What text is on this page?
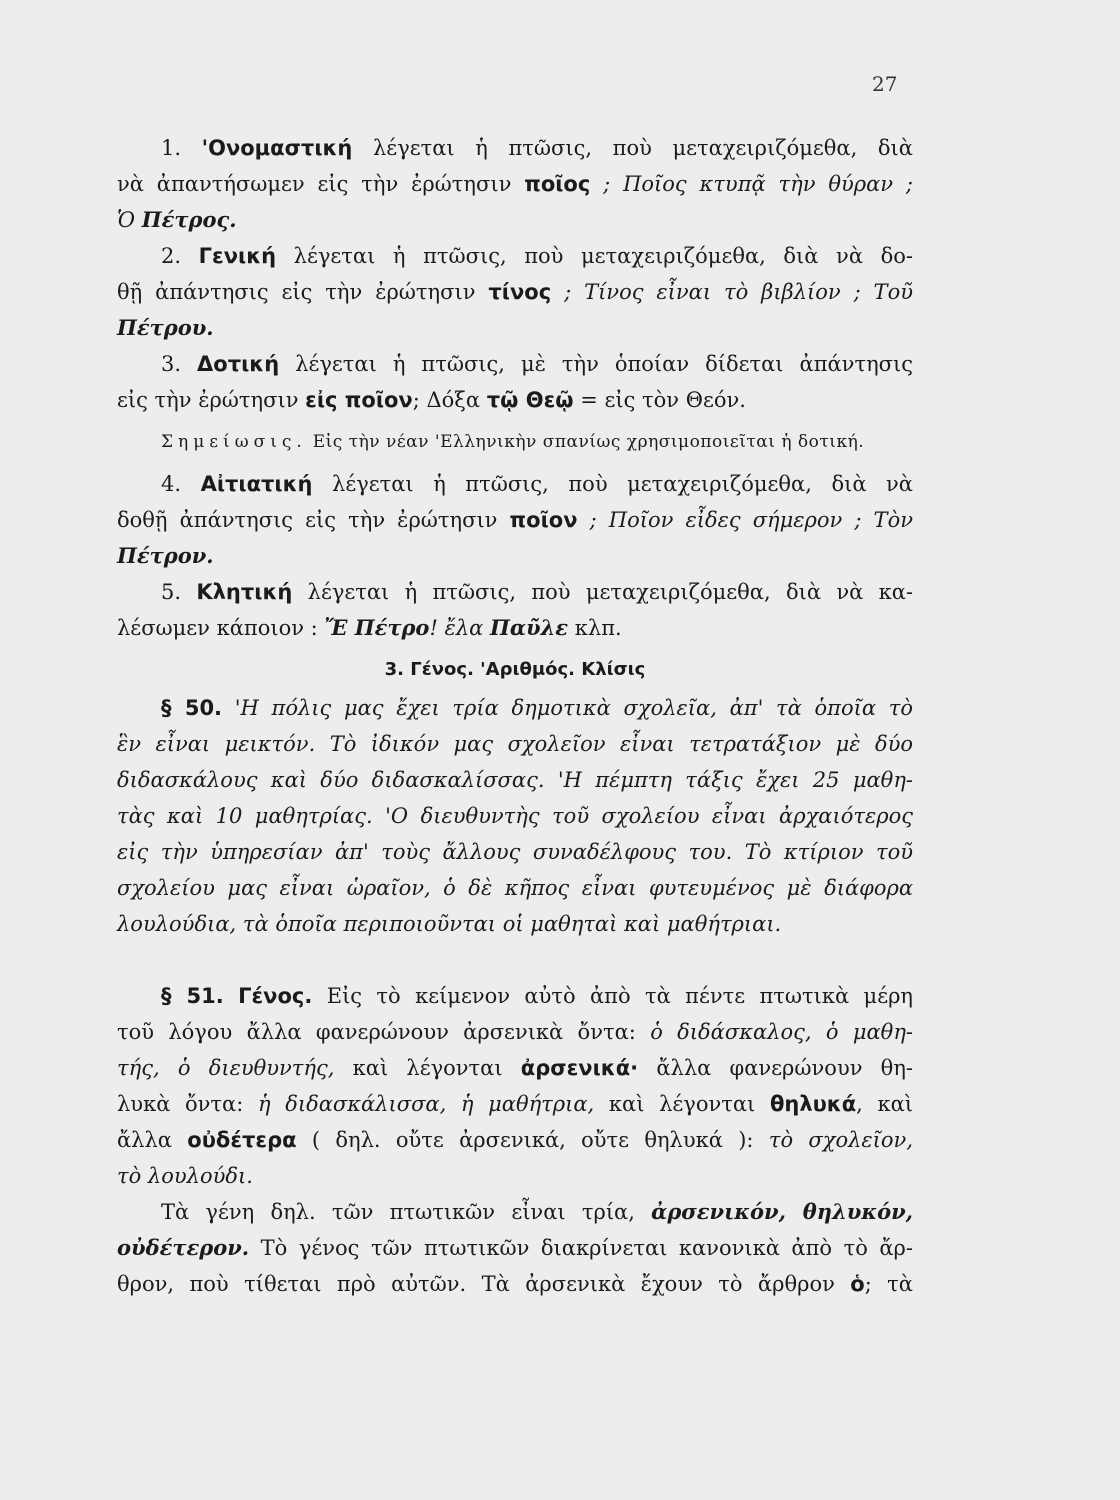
27
1. 'Ονομαστική λέγεται ἡ πτῶσις, ποὺ μεταχειριζόμεθα, διὰ
νὰ ἀπαντήσωμεν εἰς τὴν ἐρώτησιν ποῖος ; Ποῖος κτυπᾷ τὴν θύραν ;
Ὁ Πέτρος.
2. Γενική λέγεται ἡ πτῶσις, ποὺ μεταχειριζόμεθα, διὰ νὰ δο-
θῇ ἀπάντησις εἰς τὴν ἐρώτησιν τίνος ; Τίνος εἶναι τὸ βιβλίον ; Τοῦ
Πέτρου.
3. Δοτική λέγεται ἡ πτῶσις, μὲ τὴν ὁποίαν δίδεται ἀπάντησις
εἰς τὴν ἐρώτησιν εἰς ποῖον; Δόξα τῷ Θεῷ = εἰς τὸν Θεόν.
Σημείωσις. Εἰς τὴν νέαν 'Ελληνικὴν σπανίως χρησιμοποιεῖται ἡ δοτική.
4. Αἰτιατική λέγεται ἡ πτῶσις, ποὺ μεταχειριζόμεθα, διὰ νὰ
δοθῇ ἀπάντησις εἰς τὴν ἐρώτησιν ποῖον ; Ποῖον εἶδες σήμερον ; Τὸν
Πέτρον.
5. Κλητική λέγεται ἡ πτῶσις, ποὺ μεταχειριζόμεθα, διὰ νὰ κα-
λέσωμεν κάποιον : Ἔ Πέτρο! ἔλα Παῦλε κλπ.
3. Γένος. 'Αριθμός. Κλίσις
§ 50. 'Η πόλις μας ἔχει τρία δημοτικὰ σχολεῖα, ἀπ' τὰ ὁποῖα τὸ
ἓν εἶναι μεικτόν. Τὸ ἰδικόν μας σχολεῖον εἶναι τετρατάξιον μὲ δύο
διδασκάλους καὶ δύο διδασκαλίσσας. 'Η πέμπτη τάξις ἔχει 25 μαθη-
τὰς καὶ 10 μαθητρίας. 'Ο διευθυντὴς τοῦ σχολείου εἶναι ἀρχαιότερος
εἰς τὴν ὑπηρεσίαν ἀπ' τοὺς ἄλλους συναδέλφους του. Τὸ κτίριον τοῦ
σχολείου μας εἶναι ὡραῖον, ὁ δὲ κῆπος εἶναι φυτευμένος μὲ διάφορα
λουλούδια, τὰ ὁποῖα περιποιοῦνται οἱ μαθηταὶ καὶ μαθήτριαι.
§ 51. Γένος. Εἰς τὸ κείμενον αὐτὸ ἀπὸ τὰ πέντε πτωτικὰ μέρη
τοῦ λόγου ἄλλα φανερώνουν ἀρσενικὰ ὄντα: ὁ διδάσκαλος, ὁ μαθη-
τής, ὁ διευθυντής, καὶ λέγονται ἀρσενικά· ἄλλα φανερώνουν θη-
λυκὰ ὄντα: ἡ διδασκάλισσα, ἡ μαθήτρια, καὶ λέγονται θηλυκά, καὶ
ἄλλα οὐδέτερα ( δηλ. οὔτε ἀρσενικά, οὔτε θηλυκά ): τὸ σχολεῖον,
τὸ λουλούδι.
Τὰ γένη δηλ. τῶν πτωτικῶν εἶναι τρία, ἀρσενικόν, θηλυκόν,
οὐδέτερον. Τὸ γένος τῶν πτωτικῶν διακρίνεται κανονικὰ ἀπὸ τὸ ἄρ-
θρον, ποὺ τίθεται πρὸ αὐτῶν. Τὰ ἀρσενικὰ ἔχουν τὸ ἄρθρον ὁ; τὰ
